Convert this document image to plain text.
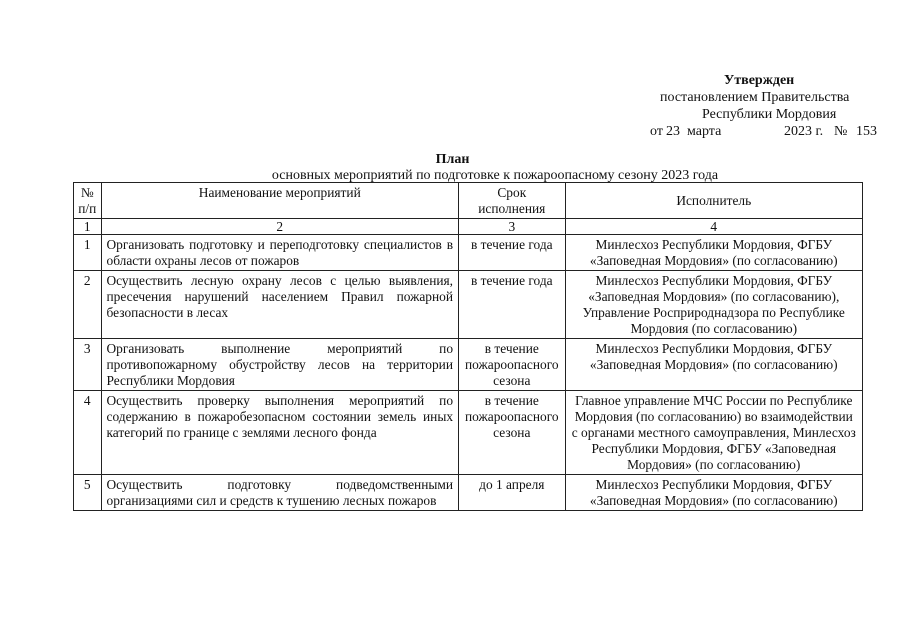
Утвержден
постановлением Правительства
Республики Мордовия
от 23  марта	2023 г. № 153
План
основных мероприятий по подготовке к пожароопасному сезону 2023 года
№ п/п	Наименование мероприятий	Срок исполнения	Исполнитель
1	2	3	4
1	Организовать подготовку и переподготовку специалистов в области охраны лесов от пожаров	в течение года	Минлесхоз Республики Мордовия, ФГБУ «Заповедная Мордовия» (по согласованию)
2	Осуществить лесную охрану лесов с целью выявления, пресечения нарушений населением Правил пожарной безопасности в лесах	в течение года	Минлесхоз Республики Мордовия, ФГБУ «Заповедная Мордовия» (по согласованию), Управление Росприроднадзора по Республике Мордовия (по согласованию)
3	Организовать выполнение мероприятий по противопожарному обустройству лесов на территории Республики Мордовия	в течение пожароопасного сезона	Минлесхоз Республики Мордовия, ФГБУ «Заповедная Мордовия» (по согласованию)
4	Осуществить проверку выполнения мероприятий по содержанию в пожаробезопасном состоянии земель иных категорий по границе с землями лесного фонда	в течение пожароопасного сезона	Главное управление МЧС России по Республике Мордовия (по согласованию) во взаимодействии с органами местного самоуправления, Минлесхоз Республики Мордовия, ФГБУ «Заповедная Мордовия» (по согласованию)
5	Осуществить подготовку подведомственными организациями сил и средств к тушению лесных пожаров	до 1 апреля	Минлесхоз Республики Мордовия, ФГБУ «Заповедная Мордовия» (по согласованию)
